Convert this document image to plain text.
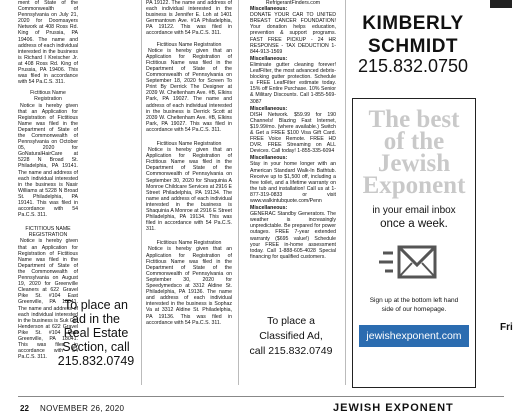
ment of State of the Commonwealth of Pennsylvania on July 21, 2020 for Doomsayers Network at 408 Ross Rd. King of Prussia, PA 19406. The name and address of each individual interested in the business is Richard I Kreischer Jr. at 408 Ross Rd. King of Prussia, PA 19406. This was filed in accordance with 54 Pa.C.S. 311.

Fictitious Name Registration

Notice is hereby given that an Application for Registration of Fictitious Name was filed in the Department of State of the Commonwealth of Pennsylvania on October 05, 2020 for GoNaturalHairCare at 5228 N Broad St. Philadelphia, PA 19141. The name and address of each individual interested in the business is Nasir Williams at 5228 N Broad St. Philadelphia, PA 19141. This was filed in accordance with 54 Pa.C.S. 311.

FICTITIOUS NAME REGISTRATION

Notice is hereby given that an Application for Registration of Fictitious Name was filed in the Department of State of the Commonwealth of Pennsylvania on August 19, 2020 for Greenville Cleaners at 622 Gravel Pike St. #104 East Greenville, PA 18041. The name and address of each individual interested in the business is Suk Gin Henderson at 622 Gravel Pike St. #104 East Greenville, PA 18041. This was filed in accordance with 54 Pa.C.S. 311.

To place an
ad in the
Real Estate
Section, call
215.832.0749

PA 19122. The name and address of each individual interested in the business is Jennifer E. Loh at 1401 Germantown Ave. #1A Philadelphia, PA 19122. This was filed in accordance with 54 Pa.C.S. 311.

Fictitious Name Registration

Notice is hereby given that an Application for Registration of Fictitious Name was filed in the Department of State of the Commonwealth of Pennsylvania on September 18, 2020 for Screen To Print By Derrick The Designer at 2039 W. Cheltenham Ave. #B, Elkins Park, PA 19027. The name and address of each individual interested in the business is Derrick Scott at 2039 W. Cheltenham Ave. #B, Elkins Park, PA 19027. This was filed in accordance with 54 Pa.C.S. 311.

Fictitious Name Registration

Notice is hereby given that an Application for Registration of Fictitious Name was filed in the Department of State of the Commonwealth of Pennsylvania on September 30, 2020 for Shaquinia A Monroe Childcare Services at 2916 E Street Philadelphia, PA 19134. The name and address of each individual interested in the business is Shaquinia A Monroe at 2916 E Street Philadelphia, PA 19134. This was filed in accordance with 54 Pa.C.S. 311.

Fictitious Name Registration

Notice is hereby given that an Application for Registration of Fictitious Name was filed in the Department of State of the Commonwealth of Pennsylvania on September 30, 2020 for Speedymedsco at 3312 Aldine St. Philadelphia, PA 19136. The name and address of each individual interested in the business is Sophaz Va at 3312 Aldine St. Philadelphia, PA 19136. This was filed in accordance with 54 Pa.C.S. 311.

RefrigerantFinders.com
Miscellaneous:

DONATE YOUR CAR TO UNITED BREAST CANCER FOUNDATION! Your donation helps education, prevention & support programs. FAST FREE PICKUP - 24 HR RESPONSE - TAX DEDUCTION 1-844-913-1569

Miscellaneous:

Eliminate gutter cleaning forever! LeafFilter, the most advanced debris-blocking gutter protection. Schedule a FREE LeafFilter estimate today. 15% off Entire Purchase. 10% Senior & Military Discounts. Call 1-855-569-3087

Miscellaneous:

DISH Network. $59.99 for 190 Channels! Blazing Fast Internet, $19.99/mo. (where available.) Switch & Get a FREE $100 Visa Gift Card. FREE Voice Remote. FREE HD DVR. FREE Streaming on ALL Devices. Call today! 1-855-335-6094

Miscellaneous:

Stay in your home longer with an American Standard Walk-In Bathtub. Receive up to $1,500 off, including a free toilet, and a lifetime warranty on the tub and installation! Call us at 1-877-319-0833 or visit www.walkintubquote.com/Penn

Miscellaneous:

GENERAC Standby Generators. The weather is increasingly unpredictable. Be prepared for power outages. FREE 7-year extended warranty ($695 value!) Schedule your FREE in-home assessment today. Call 1-888-605-4028 Special financing for qualified customers.

To place a
Classified Ad,
call 215.832.0749
KIMBERLY
SCHMIDT
215.832.0750
The best
of the
Jewish
Exponent
in your email inbox
once a week.
Sign up at the bottom left hand
side of our homepage.
jewishexponent.com
Fri
22 NOVEMBER 26, 2020	JEWISH EXPONENT
